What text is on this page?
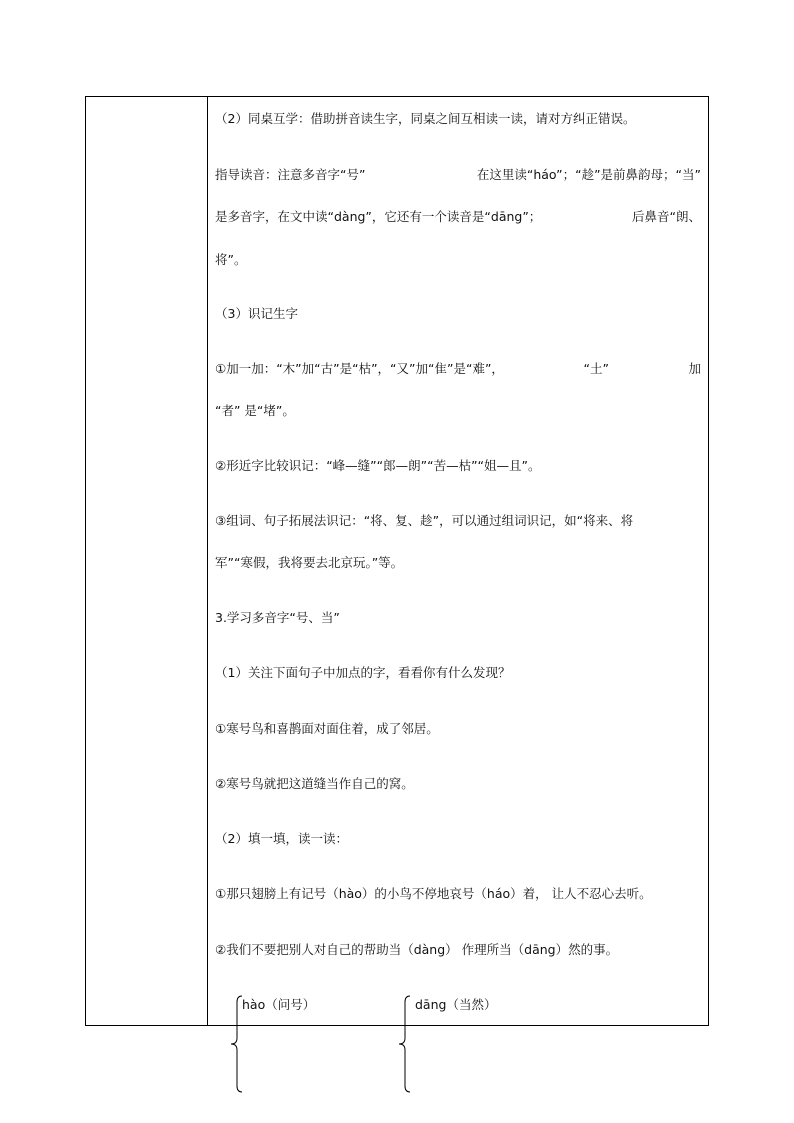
（2）同桌互学：借助拼音读生字，同桌之间互相读一读，请对方纠正错误。
指导读音：注意多音字“号”	在这里读“háo”；“趁”是前鼻韵母；“当”
是多音字，在文中读“dàng”，它还有一个读音是“dāng”；	后鼻音“朗、
将”。
（3）识记生字
①加一加：“木”加“古”是“枯”，“又”加“隹”是“难”，	“土”	加
“者” 是“堵”。
②形近字比较识记：“峰—缝”“郎—朗”“苦—枯”“姐—且”。
③组词、句子拓展法识记：“将、复、趁”，可以通过组词识记，如“将来、将
军”“寒假，我将要去北京玩。”等。
3.学习多音字“号、当”
（1）关注下面句子中加点的字，看看你有什么发现？
①寒号鸟和喜鹊面对面住着，成了邻居。
②寒号鸟就把这道缝当作自己的窝。
（2）填一填，读一读：
①那只翅膀上有记号（hào）的小鸟不停地哀号（háo）着， 让人不忍心去听。
②我们不要把别人对自己的帮助当（dàng） 作理所当（dāng）然的事。
hào（问号）	dāng（当然）
